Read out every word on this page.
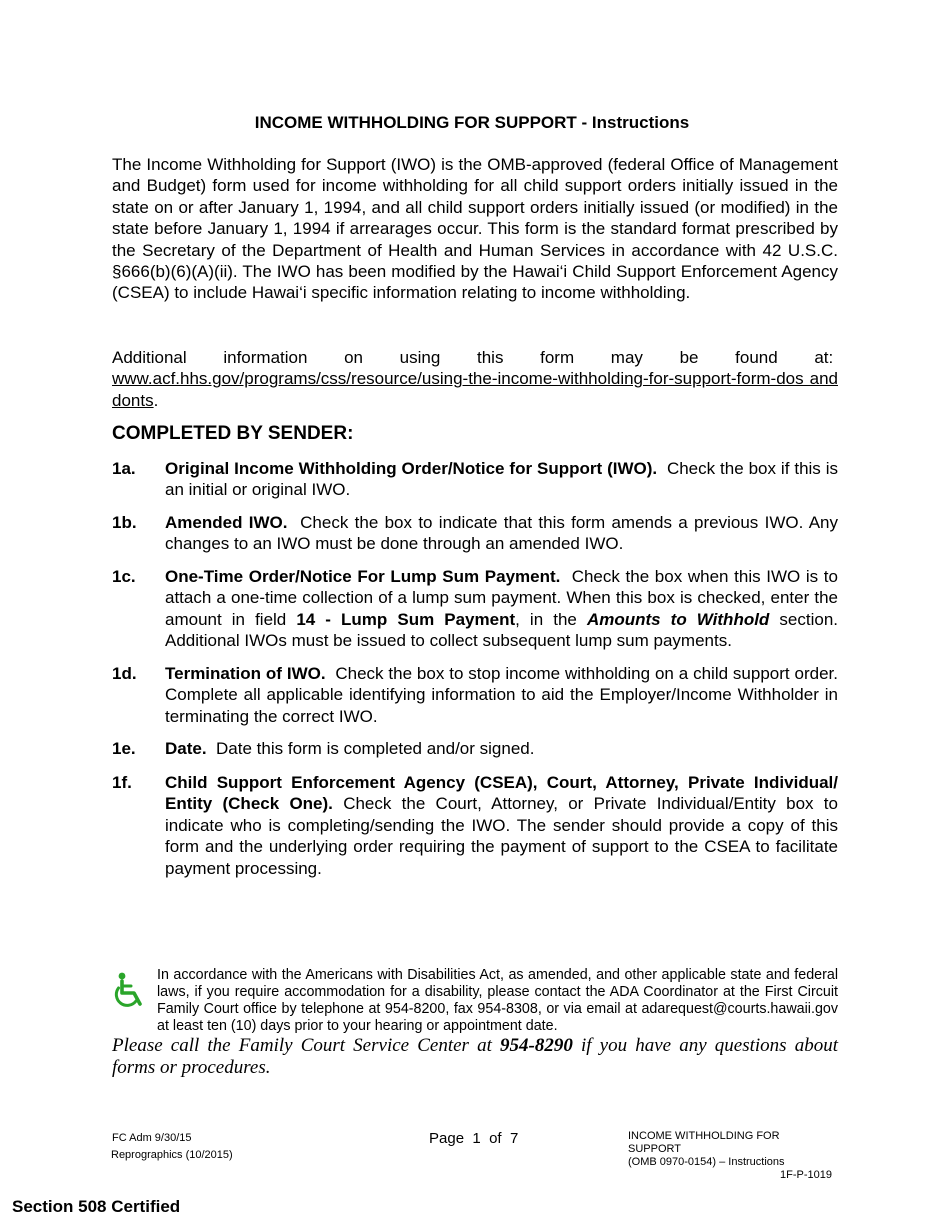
INCOME WITHHOLDING FOR SUPPORT - Instructions

The Income Withholding for Support (IWO) is the OMB-approved (federal Office of Management and Budget) form used for income withholding for all child support orders initially issued in the state on or after January 1, 1994, and all child support orders initially issued (or modified) in the state before January 1, 1994 if arrearages occur. This form is the standard format prescribed by the Secretary of the Department of Health and Human Services in accordance with 42 U.S.C. §666(b)(6)(A)(ii). The IWO has been modified by the Hawai‘i Child Support Enforcement Agency (CSEA) to include Hawai‘i specific information relating to income withholding.

Additional information on using this form may be found at:  www.acf.hhs.gov/programs/css/resource/using-the-income-withholding-for-support-form-dos and donts.

COMPLETED BY SENDER:
1a. Original Income Withholding Order/Notice for Support (IWO). Check the box if this is an initial or original IWO.
1b. Amended IWO. Check the box to indicate that this form amends a previous IWO. Any changes to an IWO must be done through an amended IWO.
1c. One-Time Order/Notice For Lump Sum Payment. Check the box when this IWO is to attach a one-time collection of a lump sum payment. When this box is checked, enter the amount in field 14 - Lump Sum Payment, in the Amounts to Withhold section. Additional IWOs must be issued to collect subsequent lump sum payments.
1d. Termination of IWO. Check the box to stop income withholding on a child support order. Complete all applicable identifying information to aid the Employer/Income Withholder in terminating the correct IWO.
1e. Date. Date this form is completed and/or signed.
1f. Child Support Enforcement Agency (CSEA), Court, Attorney, Private Individual/ Entity (Check One). Check the Court, Attorney, or Private Individual/Entity box to indicate who is completing/sending the IWO. The sender should provide a copy of this form and the underlying order requiring the payment of support to the CSEA to facilitate payment processing.
In accordance with the Americans with Disabilities Act, as amended, and other applicable state and federal laws, if you require accommodation for a disability, please contact the ADA Coordinator at the First Circuit Family Court office by telephone at 954-8200, fax 954-8308, or via email at adarequest@courts.hawaii.gov at least ten (10) days prior to your hearing or appointment date.
Please call the Family Court Service Center at 954-8290 if you have any questions about forms or procedures.
FC Adm 9/30/15
Reprographics (10/2015)
Page 1 of 7	INCOME WITHHOLDING FOR SUPPORT
(OMB 0970-0154) – Instructions
1F-P-1019
Section 508 Certified
